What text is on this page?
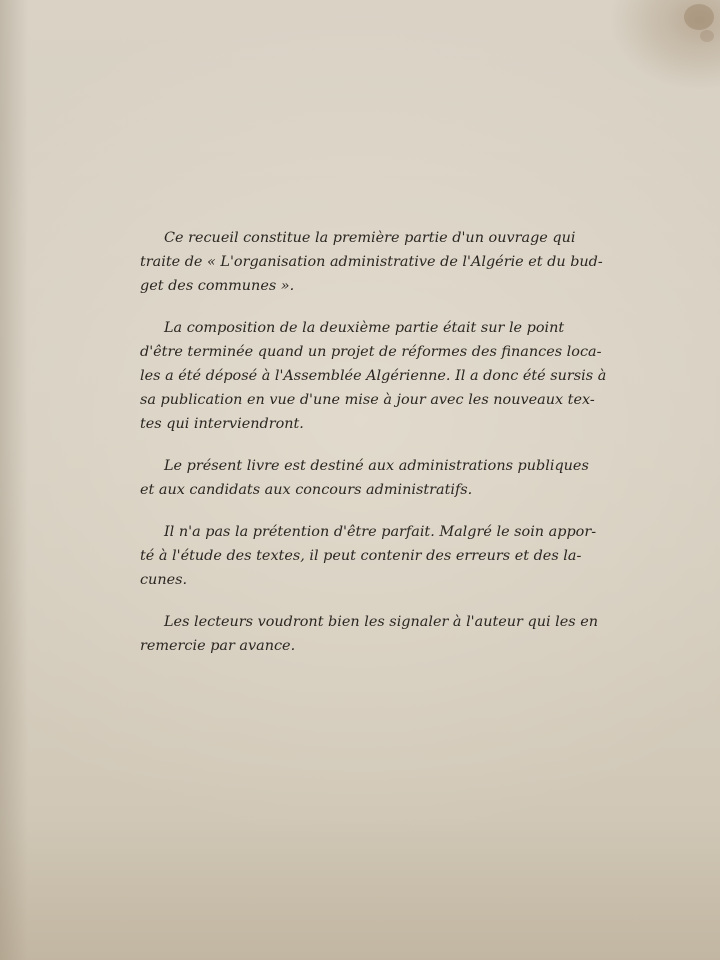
Ce recueil constitue la première partie d'un ouvrage qui
traite de « L'organisation administrative de l'Algérie et du bud-
get des communes ».

La composition de la deuxième partie était sur le point
d'être terminée quand un projet de réformes des finances loca-
les a été déposé à l'Assemblée Algérienne. Il a donc été sursis à
sa publication en vue d'une mise à jour avec les nouveaux tex-
tes qui interviendront.

Le présent livre est destiné aux administrations publiques
et aux candidats aux concours administratifs.

Il n'a pas la prétention d'être parfait. Malgré le soin appor-
té à l'étude des textes, il peut contenir des erreurs et des la-
cunes.

Les lecteurs voudront bien les signaler à l'auteur qui les en
remercie par avance.
